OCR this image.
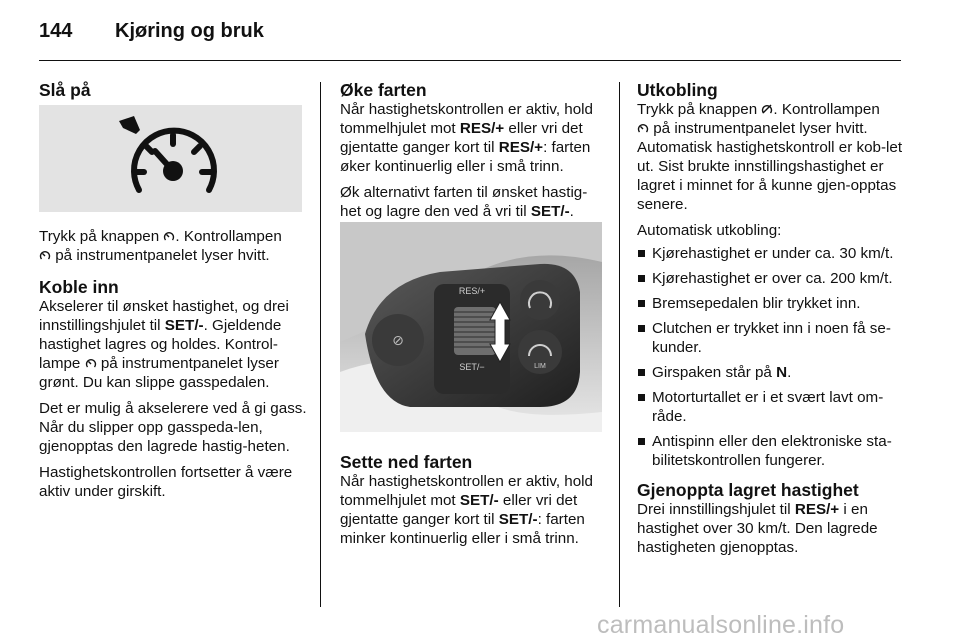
144 Kjøring og bruk
Slå på

Trykk på knappen . Kontrollampen
på instrumentpanelet lyser hvitt.

Koble inn

Akselerer til ønsket hastighet, og drei innstillingshjulet til SET/-. Gjeldende hastighet lagres og holdes. Kontrol-lampe  på instrumentpanelet lyser grønt. Du kan slippe gasspedalen.

Det er mulig å akselerere ved å gi gass. Når du slipper opp gasspeda-len, gjenopptas den lagrede hastig-heten.

Hastighetskontrollen fortsetter å være aktiv under girskift.

Øke farten

Når hastighetskontrollen er aktiv, hold tommelhjulet mot RES/+ eller vri det gjentatte ganger kort til RES/+: farten øker kontinuerlig eller i små trinn.

Øk alternativt farten til ønsket hastig-het og lagre den ved å vri til SET/-.

⊘
RES/+
SET/−	LIM
Sette ned farten

Når hastighetskontrollen er aktiv, hold tommelhjulet mot SET/- eller vri det gjentatte ganger kort til SET/-: farten minker kontinuerlig eller i små trinn.

Utkobling

Trykk på knappen . Kontrollampen
på instrumentpanelet lyser hvitt. Automatisk hastighetskontroll er kob-let ut. Sist brukte innstillingshastighet er lagret i minnet for å kunne gjen-opptas senere.

Automatisk utkobling:

Kjørehastighet er under ca. 30 km/t.
Kjørehastighet er over ca. 200 km/t.
Bremsepedalen blir trykket inn.
Clutchen er trykket inn i noen få se-kunder.
Girspaken står på N.
Motorturtallet er i et svært lavt om-råde.
Antispinn eller den elektroniske sta-bilitetskontrollen fungerer.
Gjenoppta lagret hastighet

Drei innstillingshjulet til RES/+ i en hastighet over 30 km/t. Den lagrede hastigheten gjenopptas.

carmanualsonline.info
